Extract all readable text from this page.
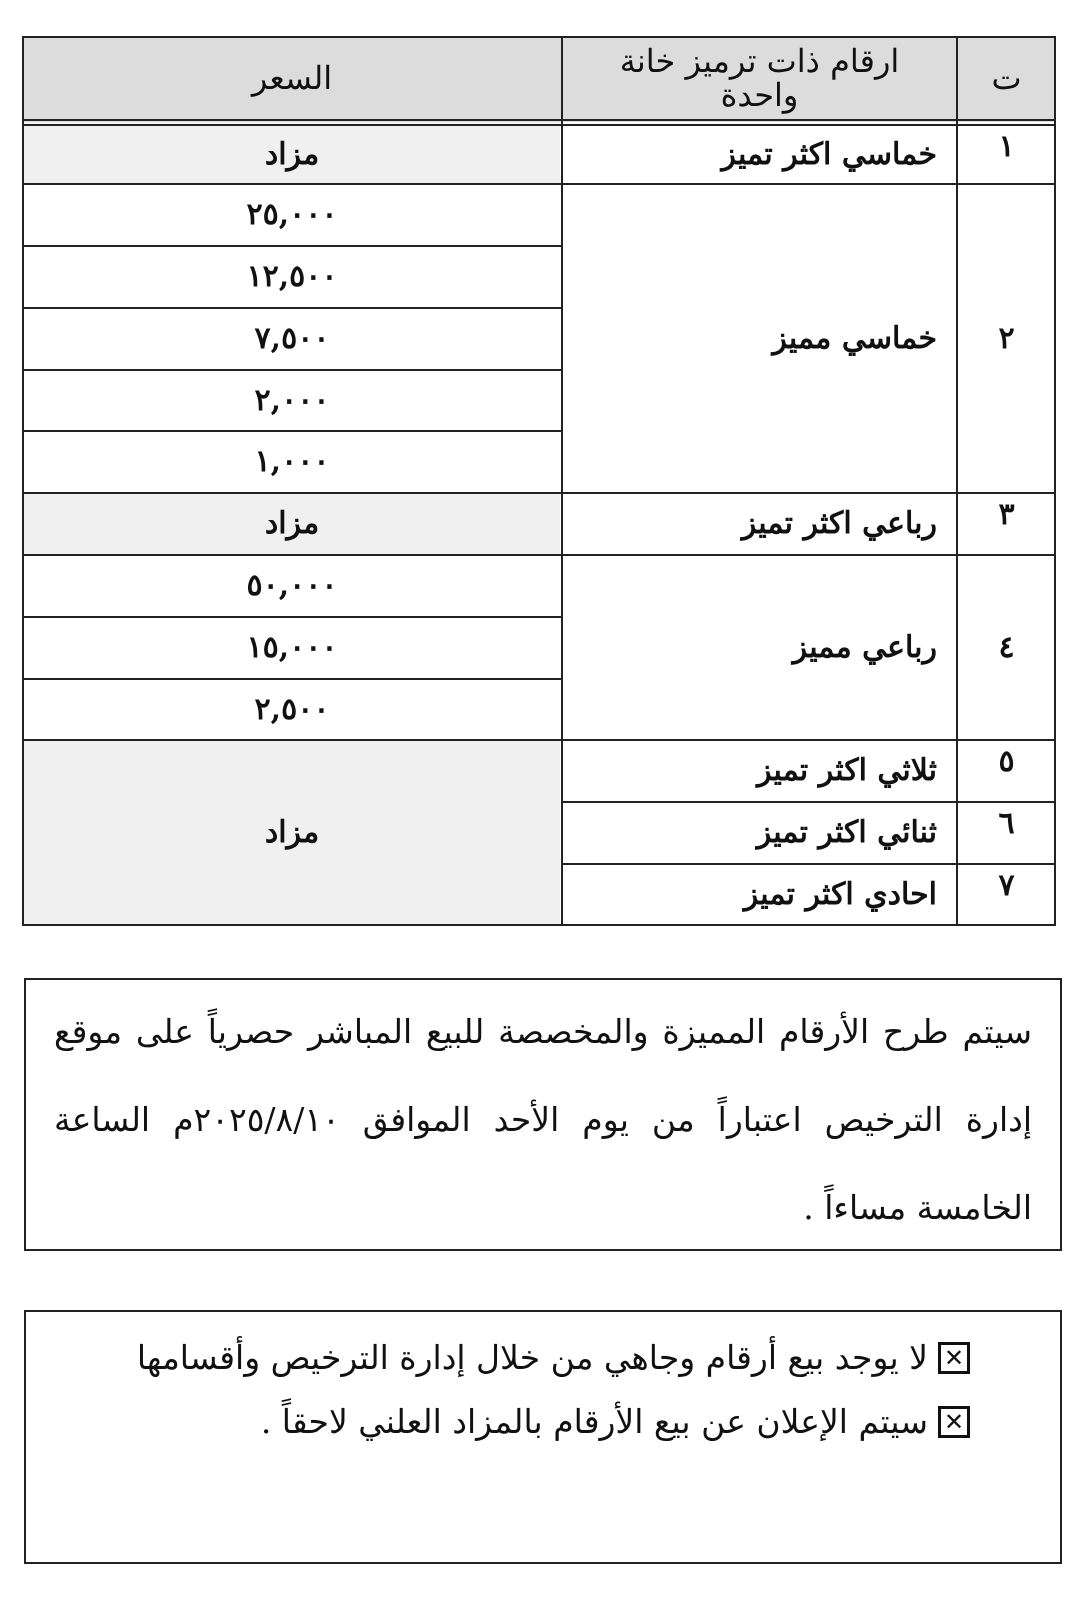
ت
ارقام ذات ترميز خانة واحدة
السعر
١
خماسي اكثر تميز
مزاد
٢
خماسي مميز
٢٥,٠٠٠
١٢,٥٠٠
٧,٥٠٠
٢,٠٠٠
١,٠٠٠
٣
رباعي اكثر تميز
مزاد
٤
رباعي مميز
٥٠,٠٠٠
١٥,٠٠٠
٢,٥٠٠
٥
ثلاثي اكثر تميز
٦
ثنائي اكثر تميز
٧
احادي اكثر تميز
مزاد
سيتم طرح الأرقام المميزة والمخصصة للبيع المباشر حصرياً على موقع إدارة الترخيص اعتباراً من يوم الأحد الموافق ٢٠٢٥/٨/١٠م الساعة الخامسة مساءاً .
✕
لا يوجد بيع أرقام وجاهي من خلال إدارة الترخيص وأقسامها
✕
سيتم الإعلان عن بيع الأرقام بالمزاد العلني لاحقاً .
